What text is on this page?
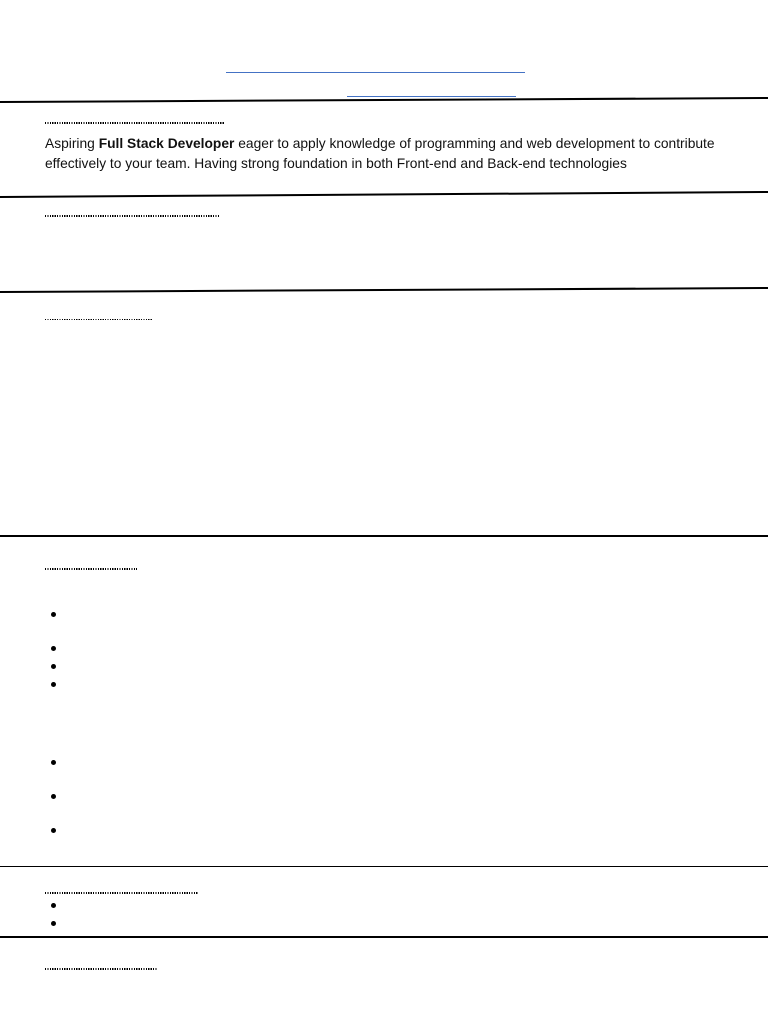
Aspiring Full Stack Developer eager to apply knowledge of programming and web development to contribute
effectively to your team. Having strong foundation in both Front-end and Back-end technologies
